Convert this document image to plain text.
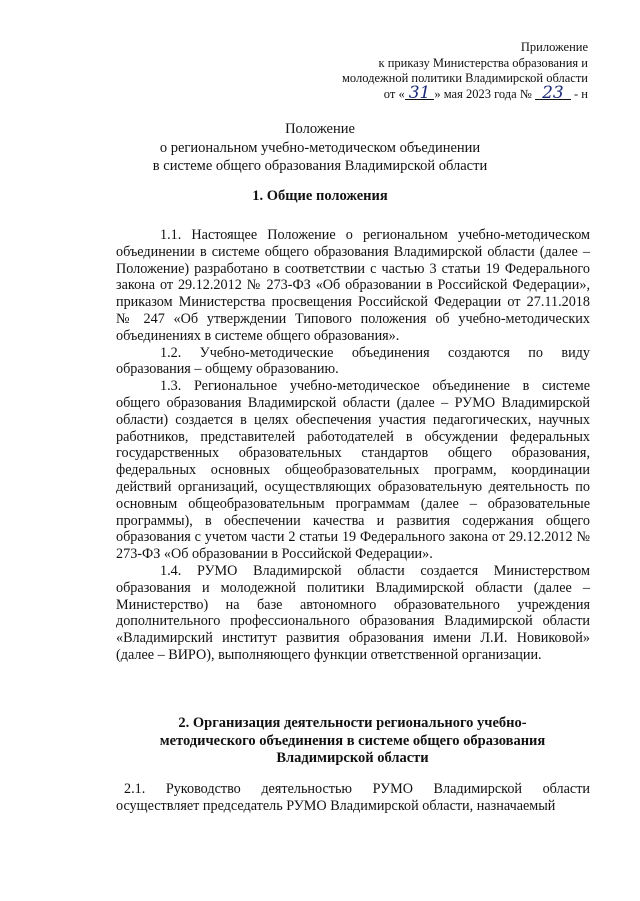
Приложение
к приказу Министерства образования и
молодежной политики Владимирской области
от « 31 » мая 2023 года № 23 - н
Положение
о региональном учебно-методическом объединении
в системе общего образования Владимирской области
1. Общие положения

1.1. Настоящее Положение о региональном учебно-методическом объединении в системе общего образования Владимирской области (далее – Положение) разработано в соответствии с частью 3 статьи 19 Федерального закона от 29.12.2012 № 273-ФЗ «Об образовании в Российской Федерации», приказом Министерства просвещения Российской Федерации от 27.11.2018 № 247 «Об утверждении Типового положения об учебно-методических объединениях в системе общего образования».

1.2. Учебно-методические объединения создаются по виду образования – общему образованию.

1.3. Региональное учебно-методическое объединение в системе общего образования Владимирской области (далее – РУМО Владимирской области) создается в целях обеспечения участия педагогических, научных работников, представителей работодателей в обсуждении федеральных государственных образовательных стандартов общего образования, федеральных основных общеобразовательных программ, координации действий организаций, осуществляющих образовательную деятельность по основным общеобразовательным программам (далее – образовательные программы), в обеспечении качества и развития содержания общего образования с учетом части 2 статьи 19 Федерального закона от 29.12.2012 № 273-ФЗ «Об образовании в Российской Федерации».

1.4. РУМО Владимирской области создается Министерством образования и молодежной политики Владимирской области (далее – Министерство) на базе автономного образовательного учреждения дополнительного профессионального образования Владимирской области «Владимирский институт развития образования имени Л.И. Новиковой» (далее – ВИРО), выполняющего функции ответственной организации.

2. Организация деятельности регионального учебно-
методического объединения в системе общего образования
Владимирской области

2.1. Руководство деятельностью РУМО Владимирской области осуществляет председатель РУМО Владимирской области, назначаемый
